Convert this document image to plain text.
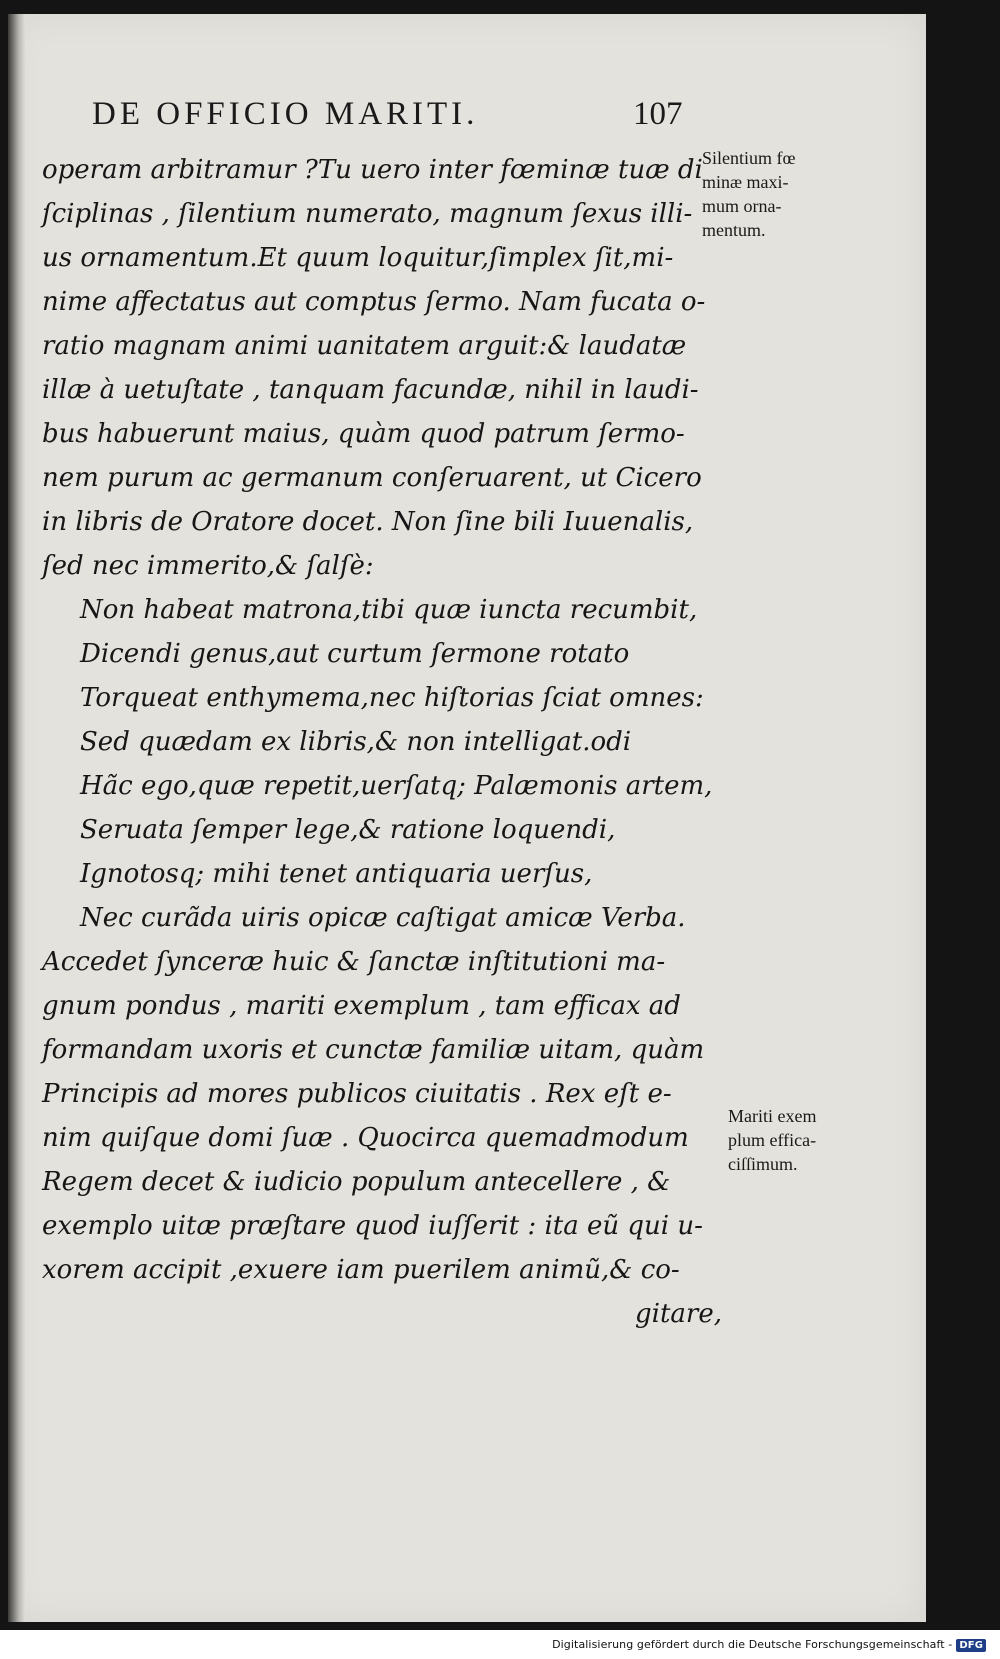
DE OFFICIO MARITI.	107
operam arbitramur ?Tu uero inter fœminæ tuæ di
ſciplinas , ſilentium numerato, magnum ſexus illi-
us ornamentum.Et quum loquitur,ſimplex ſit,mi-
nime affectatus aut comptus ſermo. Nam fucata o-
ratio magnam animi uanitatem arguit:& laudatæ
illæ à uetuſtate , tanquam facundæ, nihil in laudi-
bus habuerunt maius, quàm quod patrum ſermo-
nem purum ac germanum conſeruarent, ut Cicero
in libris de Oratore docet. Non ſine bili Iuuenalis,
ſed nec immerito,& ſalſè:
Non habeat matrona,tibi quæ iuncta recumbit,
Dicendi genus,aut curtum ſermone rotato
Torqueat enthymema,nec hiſtorias ſciat omnes:
Sed quædam ex libris,& non intelligat.odi
Hãc ego,quæ repetit,uerſatq; Palæmonis artem,
Seruata ſemper lege,& ratione loquendi,
Ignotosq; mihi tenet antiquaria uerſus,
Nec curãda uiris opicæ caſtigat amicæ Verba.
Accedet ſynceræ huic & ſanctæ inſtitutioni ma-
gnum pondus , mariti exemplum , tam efficax ad
formandam uxoris et cunctæ familiæ uitam, quàm
Principis ad mores publicos ciuitatis . Rex eſt e-
nim quiſque domi ſuæ . Quocirca quemadmodum
Regem decet & iudicio populum antecellere , &
exemplo uitæ præſtare quod iuſſerit : ita eũ qui u-
xorem accipit ,exuere iam puerilem animũ,& co-
gitare,
Silentium fœ
minæ maxi-
mum orna-
mentum.
Mariti exem
plum effica-
ciſſimum.
Digitalisierung gefördert durch die Deutsche Forschungsgemeinschaft - DFG
